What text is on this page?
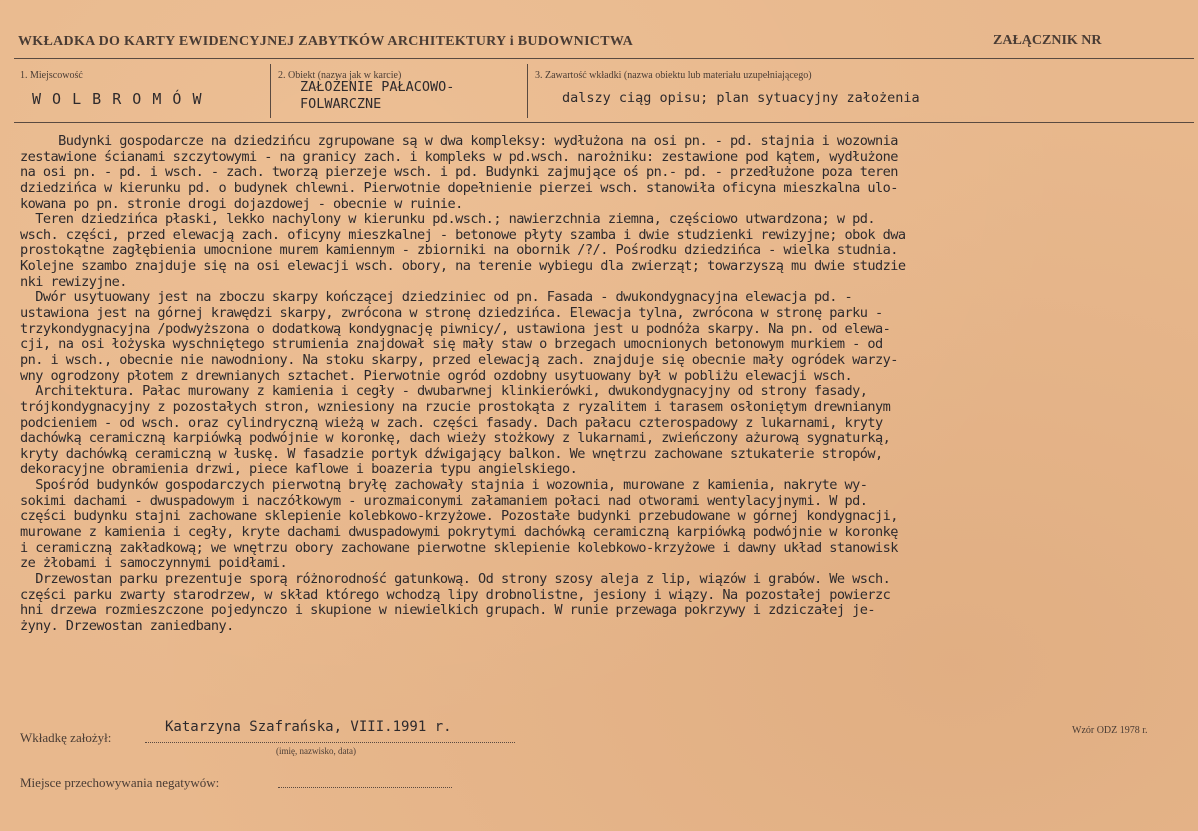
WKŁADKA DO KARTY EWIDENCYJNEJ ZABYTKÓW ARCHITEKTURY i BUDOWNICTWA	ZAŁĄCZNIK NR
1. Miejscowość
W O L B R O M Ó W
2. Obiekt (nazwa jak w karcie)
ZAŁOŻENIE PAŁACOWO-
FOLWARCZNE
3. Zawartość wkładki (nazwa obiektu lub materiału uzupełniającego)
dalszy ciąg opisu; plan sytuacyjny założenia
Budynki gospodarcze na dziedzińcu zgrupowane są w dwa kompleksy: wydłużona na osi pn. - pd. stajnia i wozownia
zestawione ścianami szczytowymi - na granicy zach. i kompleks w pd.wsch. narożniku: zestawione pod kątem, wydłużone
na osi pn. - pd. i wsch. - zach. tworzą pierzeje wsch. i pd. Budynki zajmujące oś pn.- pd. - przedłużone poza teren
dziedzińca w kierunku pd. o budynek chlewni. Pierwotnie dopełnienie pierzei wsch. stanowiła oficyna mieszkalna ulo-
kowana po pn. stronie drogi dojazdowej - obecnie w ruinie.
Teren dziedzińca płaski, lekko nachylony w kierunku pd.wsch.; nawierzchnia ziemna, częściowo utwardzona; w pd.
wsch. części, przed elewacją zach. oficyny mieszkalnej - betonowe płyty szamba i dwie studzienki rewizyjne; obok dwa
prostokątne zagłębienia umocnione murem kamiennym - zbiorniki na obornik /?/. Pośrodku dziedzińca - wielka studnia.
Kolejne szambo znajduje się na osi elewacji wsch. obory, na terenie wybiegu dla zwierząt; towarzyszą mu dwie studzie
nki rewizyjne.
Dwór usytuowany jest na zboczu skarpy kończącej dziedziniec od pn. Fasada - dwukondygnacyjna elewacja pd. -
ustawiona jest na górnej krawędzi skarpy, zwrócona w stronę dziedzińca. Elewacja tylna, zwrócona w stronę parku -
trzykondygnacyjna /podwyższona o dodatkową kondygnację piwnicy/, ustawiona jest u podnóża skarpy. Na pn. od elewa-
cji, na osi łożyska wyschniętego strumienia znajdował się mały staw o brzegach umocnionych betonowym murkiem - od
pn. i wsch., obecnie nie nawodniony. Na stoku skarpy, przed elewacją zach. znajduje się obecnie mały ogródek warzy-
wny ogrodzony płotem z drewnianych sztachet. Pierwotnie ogród ozdobny usytuowany był w pobliżu elewacji wsch.
Architektura. Pałac murowany z kamienia i cegły - dwubarwnej klinkierówki, dwukondygnacyjny od strony fasady,
trójkondygnacyjny z pozostałych stron, wzniesiony na rzucie prostokąta z ryzalitem i tarasem osłoniętym drewnianym
podcieniem - od wsch. oraz cylindryczną wieżą w zach. części fasady. Dach pałacu czterospadowy z lukarnami, kryty
dachówką ceramiczną karpiówką podwójnie w koronkę, dach wieży stożkowy z lukarnami, zwieńczony ażurową sygnaturką,
kryty dachówką ceramiczną w łuskę. W fasadzie portyk dźwigający balkon. We wnętrzu zachowane sztukaterie stropów,
dekoracyjne obramienia drzwi, piece kaflowe i boazeria typu angielskiego.
Spośród budynków gospodarczych pierwotną bryłę zachowały stajnia i wozownia, murowane z kamienia, nakryte wy-
sokimi dachami - dwuspadowym i naczółkowym - urozmaiconymi załamaniem połaci nad otworami wentylacyjnymi. W pd.
części budynku stajni zachowane sklepienie kolebkowo-krzyżowe. Pozostałe budynki przebudowane w górnej kondygnacji,
murowane z kamienia i cegły, kryte dachami dwuspadowymi pokrytymi dachówką ceramiczną karpiówką podwójnie w koronkę
i ceramiczną zakładkową; we wnętrzu obory zachowane pierwotne sklepienie kolebkowo-krzyżowe i dawny układ stanowisk
ze żłobami i samoczynnymi poidłami.
Drzewostan parku prezentuje sporą różnorodność gatunkową. Od strony szosy aleja z lip, wiązów i grabów. We wsch.
części parku zwarty starodrzew, w skład którego wchodzą lipy drobnolistne, jesiony i wiązy. Na pozostałej powierzc
hni drzewa rozmieszczone pojedynczo i skupione w niewielkich grupach. W runie przewaga pokrzywy i zdziczałej je-
żyny. Drzewostan zaniedbany.
Wkładkę założył:
Katarzyna Szafrańska, VIII.1991 r.
(imię, nazwisko, data)
Wzór ODZ 1978 r.
Miejsce przechowywania negatywów:
